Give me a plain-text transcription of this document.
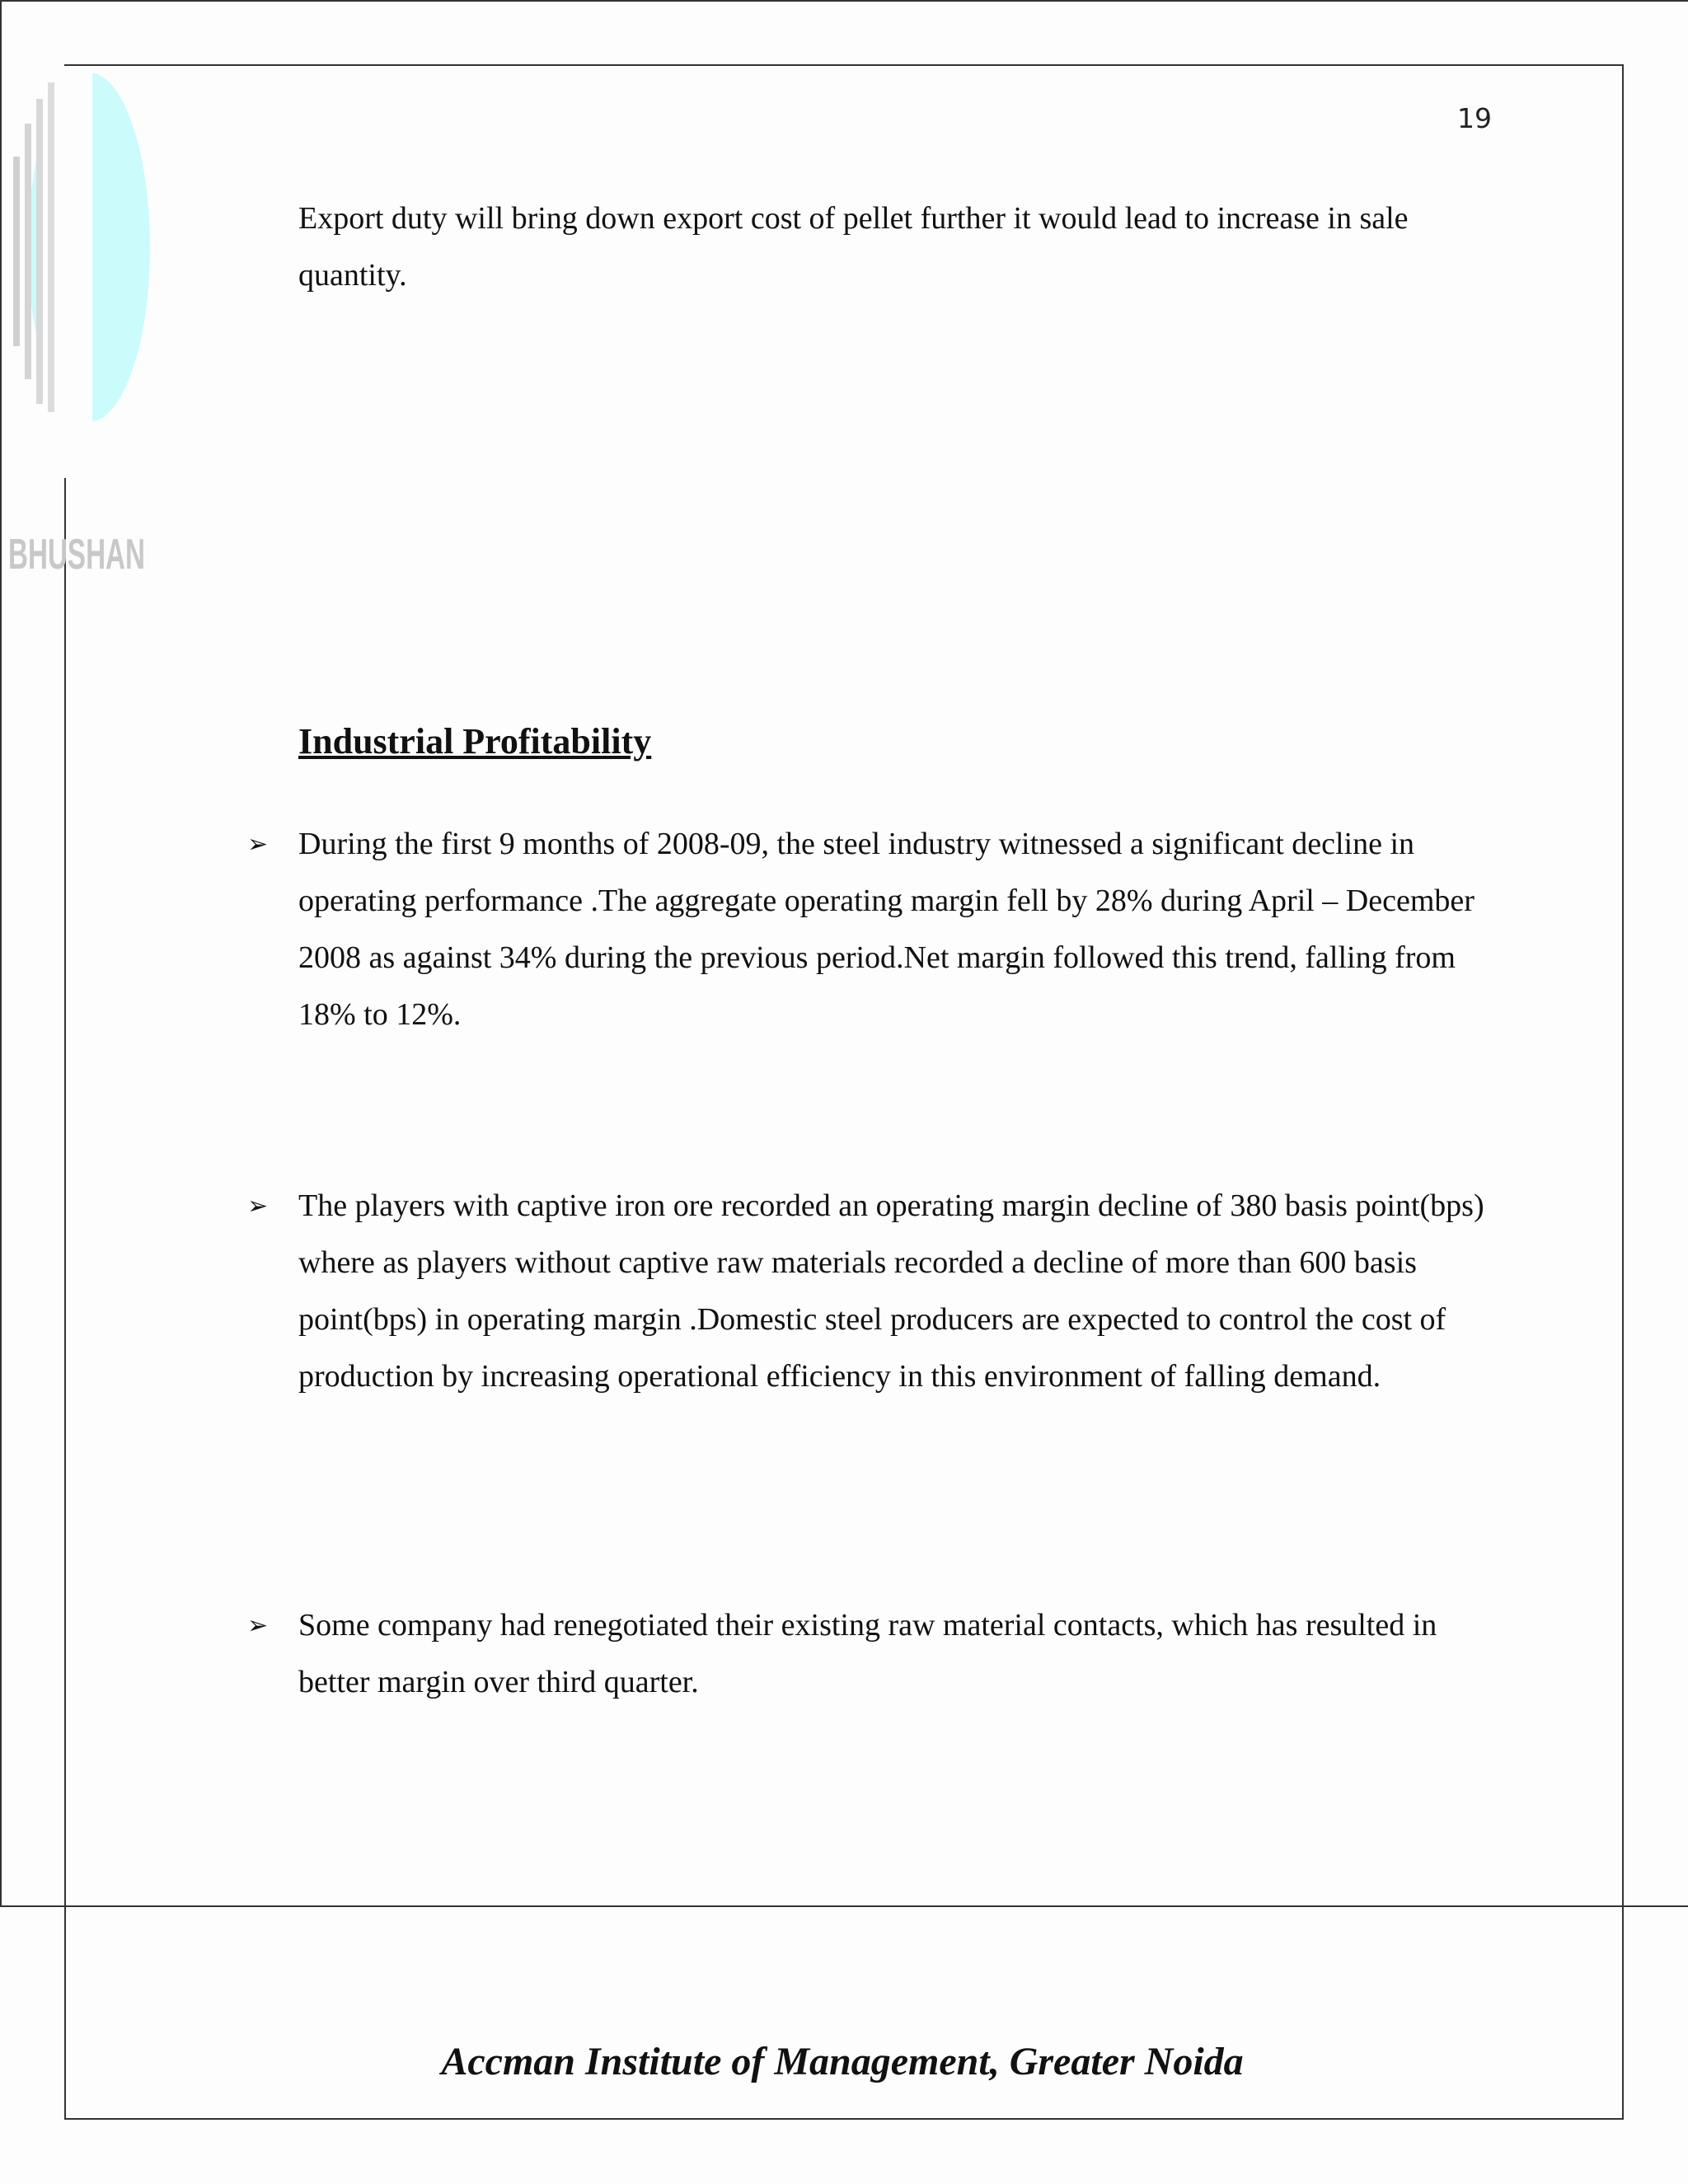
BHUSHAN
19

Export duty will bring down export cost of pellet further it would lead to increase in sale quantity.

Industrial Profitability
➢ During the first 9 months of 2008-09, the steel industry witnessed a significant decline in operating performance .The aggregate operating margin fell by 28% during April – December 2008 as against 34% during the previous period.Net margin followed this trend, falling from 18% to 12%.

➢ The players with captive iron ore recorded an operating margin decline of 380 basis point(bps) where as players without captive raw materials recorded a decline of more than 600 basis point(bps) in operating margin .Domestic steel producers are expected to control the cost of production by increasing operational efficiency in this environment of falling demand.

➢ Some company had renegotiated their existing raw material contacts, which has resulted in better margin over third quarter.

Accman Institute of Management, Greater Noida
